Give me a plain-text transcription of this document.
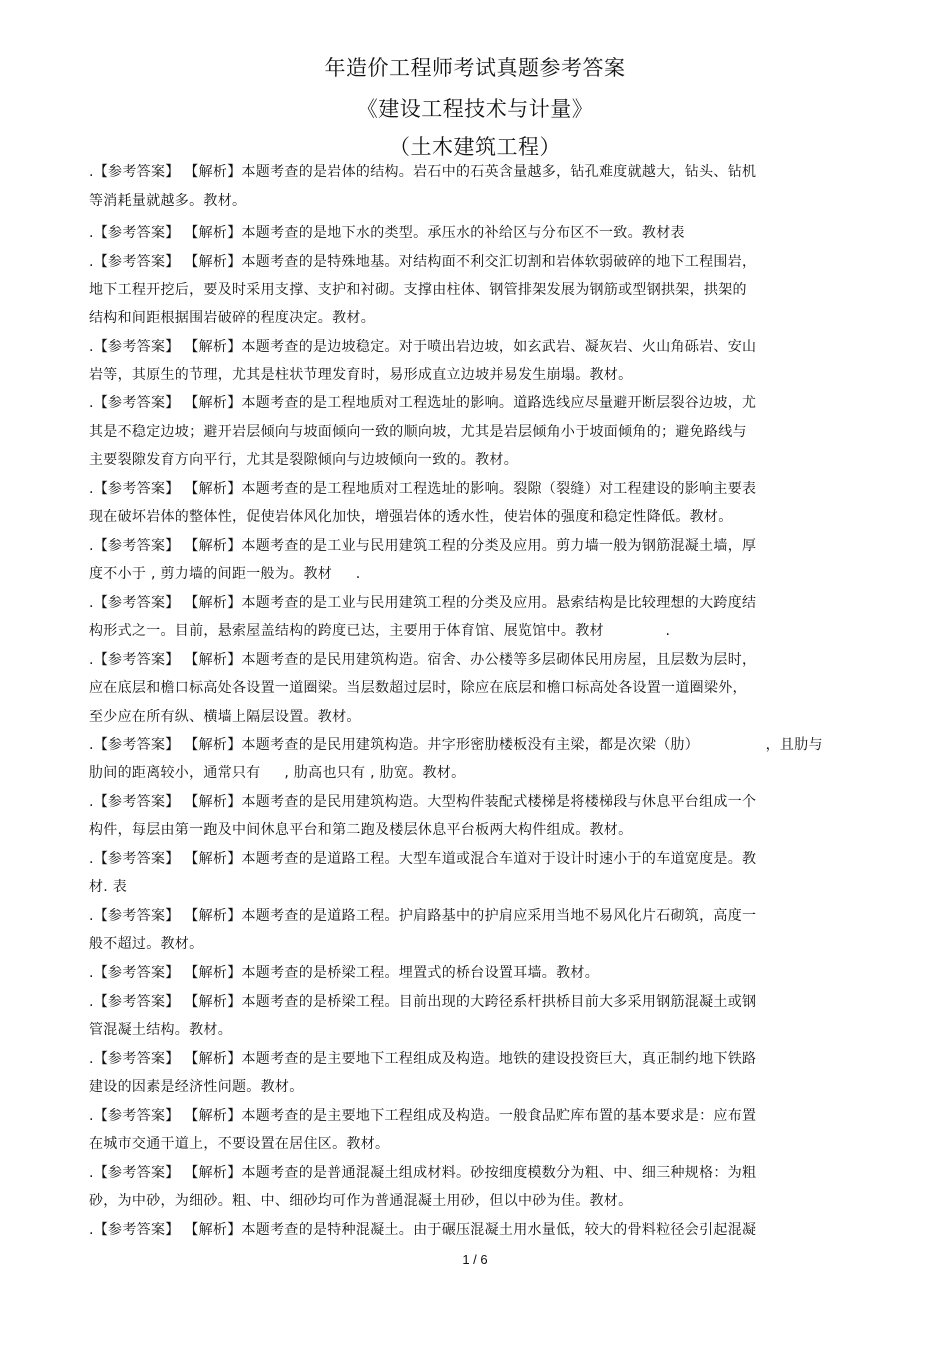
年造价工程师考试真题参考答案
《建设工程技术与计量》
（土木建筑工程）
.【参考答案】 【解析】本题考查的是岩体的结构。岩石中的石英含量越多，钻孔难度就越大，钻头、钻机
等消耗量就越多。教材。
.【参考答案】 【解析】本题考查的是地下水的类型。承压水的补给区与分布区不一致。教材表
.【参考答案】 【解析】本题考查的是特殊地基。对结构面不利交汇切割和岩体软弱破碎的地下工程围岩，
地下工程开挖后，要及时采用支撑、支护和衬砌。支撑由柱体、钢管排架发展为钢筋或型钢拱架，拱架的
结构和间距根据围岩破碎的程度决定。教材。
.【参考答案】 【解析】本题考查的是边坡稳定。对于喷出岩边坡，如玄武岩、凝灰岩、火山角砾岩、安山
岩等，其原生的节理，尤其是柱状节理发育时，易形成直立边坡并易发生崩塌。教材。
.【参考答案】 【解析】本题考查的是工程地质对工程选址的影响。道路选线应尽量避开断层裂谷边坡，尤
其是不稳定边坡；避开岩层倾向与坡面倾向一致的顺向坡，尤其是岩层倾角小于坡面倾角的；避免路线与
主要裂隙发育方向平行，尤其是裂隙倾向与边坡倾向一致的。教材。
.【参考答案】 【解析】本题考查的是工程地质对工程选址的影响。裂隙（裂缝）对工程建设的影响主要表
现在破坏岩体的整体性，促使岩体风化加快，增强岩体的透水性，使岩体的强度和稳定性降低。教材。
.【参考答案】 【解析】本题考查的是工业与民用建筑工程的分类及应用。剪力墙一般为钢筋混凝土墙，厚
度不小于 , 剪力墙的间距一般为。教材     .
.【参考答案】 【解析】本题考查的是工业与民用建筑工程的分类及应用。悬索结构是比较理想的大跨度结
构形式之一。目前，悬索屋盖结构的跨度已达，主要用于体育馆、展览馆中。教材             .
.【参考答案】 【解析】本题考查的是民用建筑构造。宿舍、办公楼等多层砌体民用房屋，且层数为层时，
应在底层和檐口标高处各设置一道圈梁。当层数超过层时，除应在底层和檐口标高处各设置一道圈梁外，
至少应在所有纵、横墙上隔层设置。教材。
.【参考答案】 【解析】本题考查的是民用建筑构造。井字形密肋楼板没有主梁，都是次梁（肋）              ，且肋与
肋间的距离较小，通常只有     , 肋高也只有 , 肋宽。教材。
.【参考答案】 【解析】本题考查的是民用建筑构造。大型构件装配式楼梯是将楼梯段与休息平台组成一个
构件，每层由第一跑及中间休息平台和第二跑及楼层休息平台板两大构件组成。教材。
.【参考答案】 【解析】本题考查的是道路工程。大型车道或混合车道对于设计时速小于的车道宽度是。教
材. 表
.【参考答案】 【解析】本题考查的是道路工程。护肩路基中的护肩应采用当地不易风化片石砌筑，高度一
般不超过。教材。
.【参考答案】 【解析】本题考查的是桥梁工程。埋置式的桥台设置耳墙。教材。
.【参考答案】 【解析】本题考查的是桥梁工程。目前出现的大跨径系杆拱桥目前大多采用钢筋混凝土或钢
管混凝土结构。教材。
.【参考答案】 【解析】本题考查的是主要地下工程组成及构造。地铁的建设投资巨大，真正制约地下铁路
建设的因素是经济性问题。教材。
.【参考答案】 【解析】本题考查的是主要地下工程组成及构造。一般食品贮库布置的基本要求是：应布置
在城市交通干道上，不要设置在居住区。教材。
.【参考答案】 【解析】本题考查的是普通混凝土组成材料。砂按细度模数分为粗、中、细三种规格：为粗
砂，为中砂，为细砂。粗、中、细砂均可作为普通混凝土用砂，但以中砂为佳。教材。
.【参考答案】 【解析】本题考查的是特种混凝土。由于碾压混凝土用水量低，较大的骨料粒径会引起混凝
1 / 6
